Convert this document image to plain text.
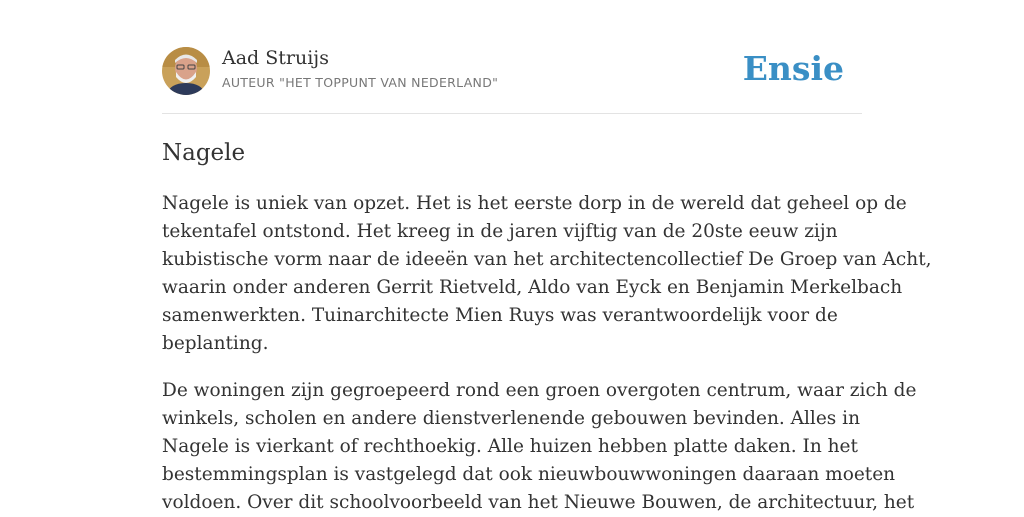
Aad Struijs
AUTEUR "HET TOPPUNT VAN NEDERLAND"	Ensie
Nagele

Nagele is uniek van opzet. Het is het eerste dorp in de wereld dat geheel op de
tekentafel ontstond. Het kreeg in de jaren vijftig van de 20ste eeuw zijn
kubistische vorm naar de ideeën van het architectencollectief De Groep van Acht,
waarin onder anderen Gerrit Rietveld, Aldo van Eyck en Benjamin Merkelbach
samenwerkten. Tuinarchitecte Mien Ruys was verantwoordelijk voor de
beplanting.

De woningen zijn gegroepeerd rond een groen overgoten centrum, waar zich de
winkels, scholen en andere dienstverlenende gebouwen bevinden. Alles in
Nagele is vierkant of rechthoekig. Alle huizen hebben platte daken. In het
bestemmingsplan is vastgelegd dat ook nieuwbouwwoningen daaraan moeten
voldoen. Over dit schoolvoorbeeld van het Nieuwe Bouwen, de architectuur, het
